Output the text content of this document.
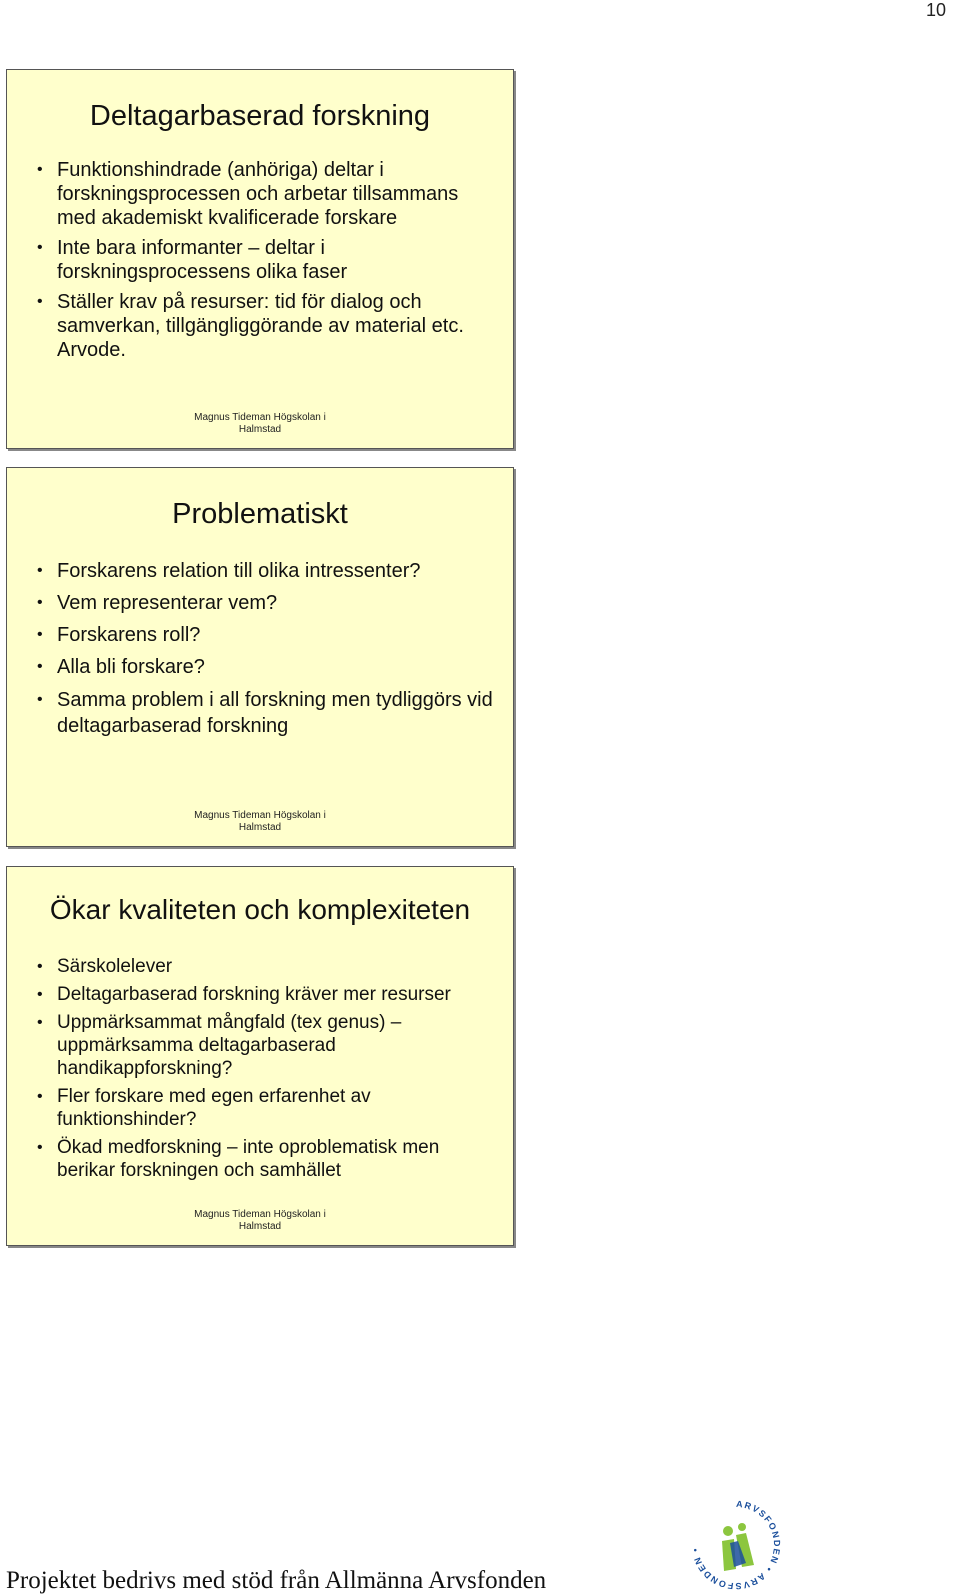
10
Deltagarbaserad forskning
• Funktionshindrade (anhöriga) deltar i forskningsprocessen och arbetar tillsammans med akademiskt kvalificerade forskare
• Inte bara informanter – deltar i forskningsprocessens olika faser
• Ställer krav på resurser: tid för dialog och samverkan, tillgängliggörande av material etc. Arvode.
Magnus Tideman Högskolan i
Halmstad
Problematiskt
• Forskarens relation till olika intressenter?
• Vem representerar vem?
• Forskarens roll?
• Alla bli forskare?
• Samma problem i all forskning men tydliggörs vid deltagarbaserad forskning
Magnus Tideman Högskolan i
Halmstad
Ökar kvaliteten och komplexiteten
• Särskolelever
• Deltagarbaserad forskning kräver mer resurser
• Uppmärksammat mångfald (tex genus) – uppmärksamma deltagarbaserad handikappforskning?
• Fler forskare med egen erfarenhet av funktionshinder?
• Ökad medforskning – inte oproblematisk men berikar forskningen och samhället
Magnus Tideman Högskolan i
Halmstad
Projektet bedrivs med stöd från Allmänna Arvsfonden
ARVSFONDEN • ARVSFONDEN •
